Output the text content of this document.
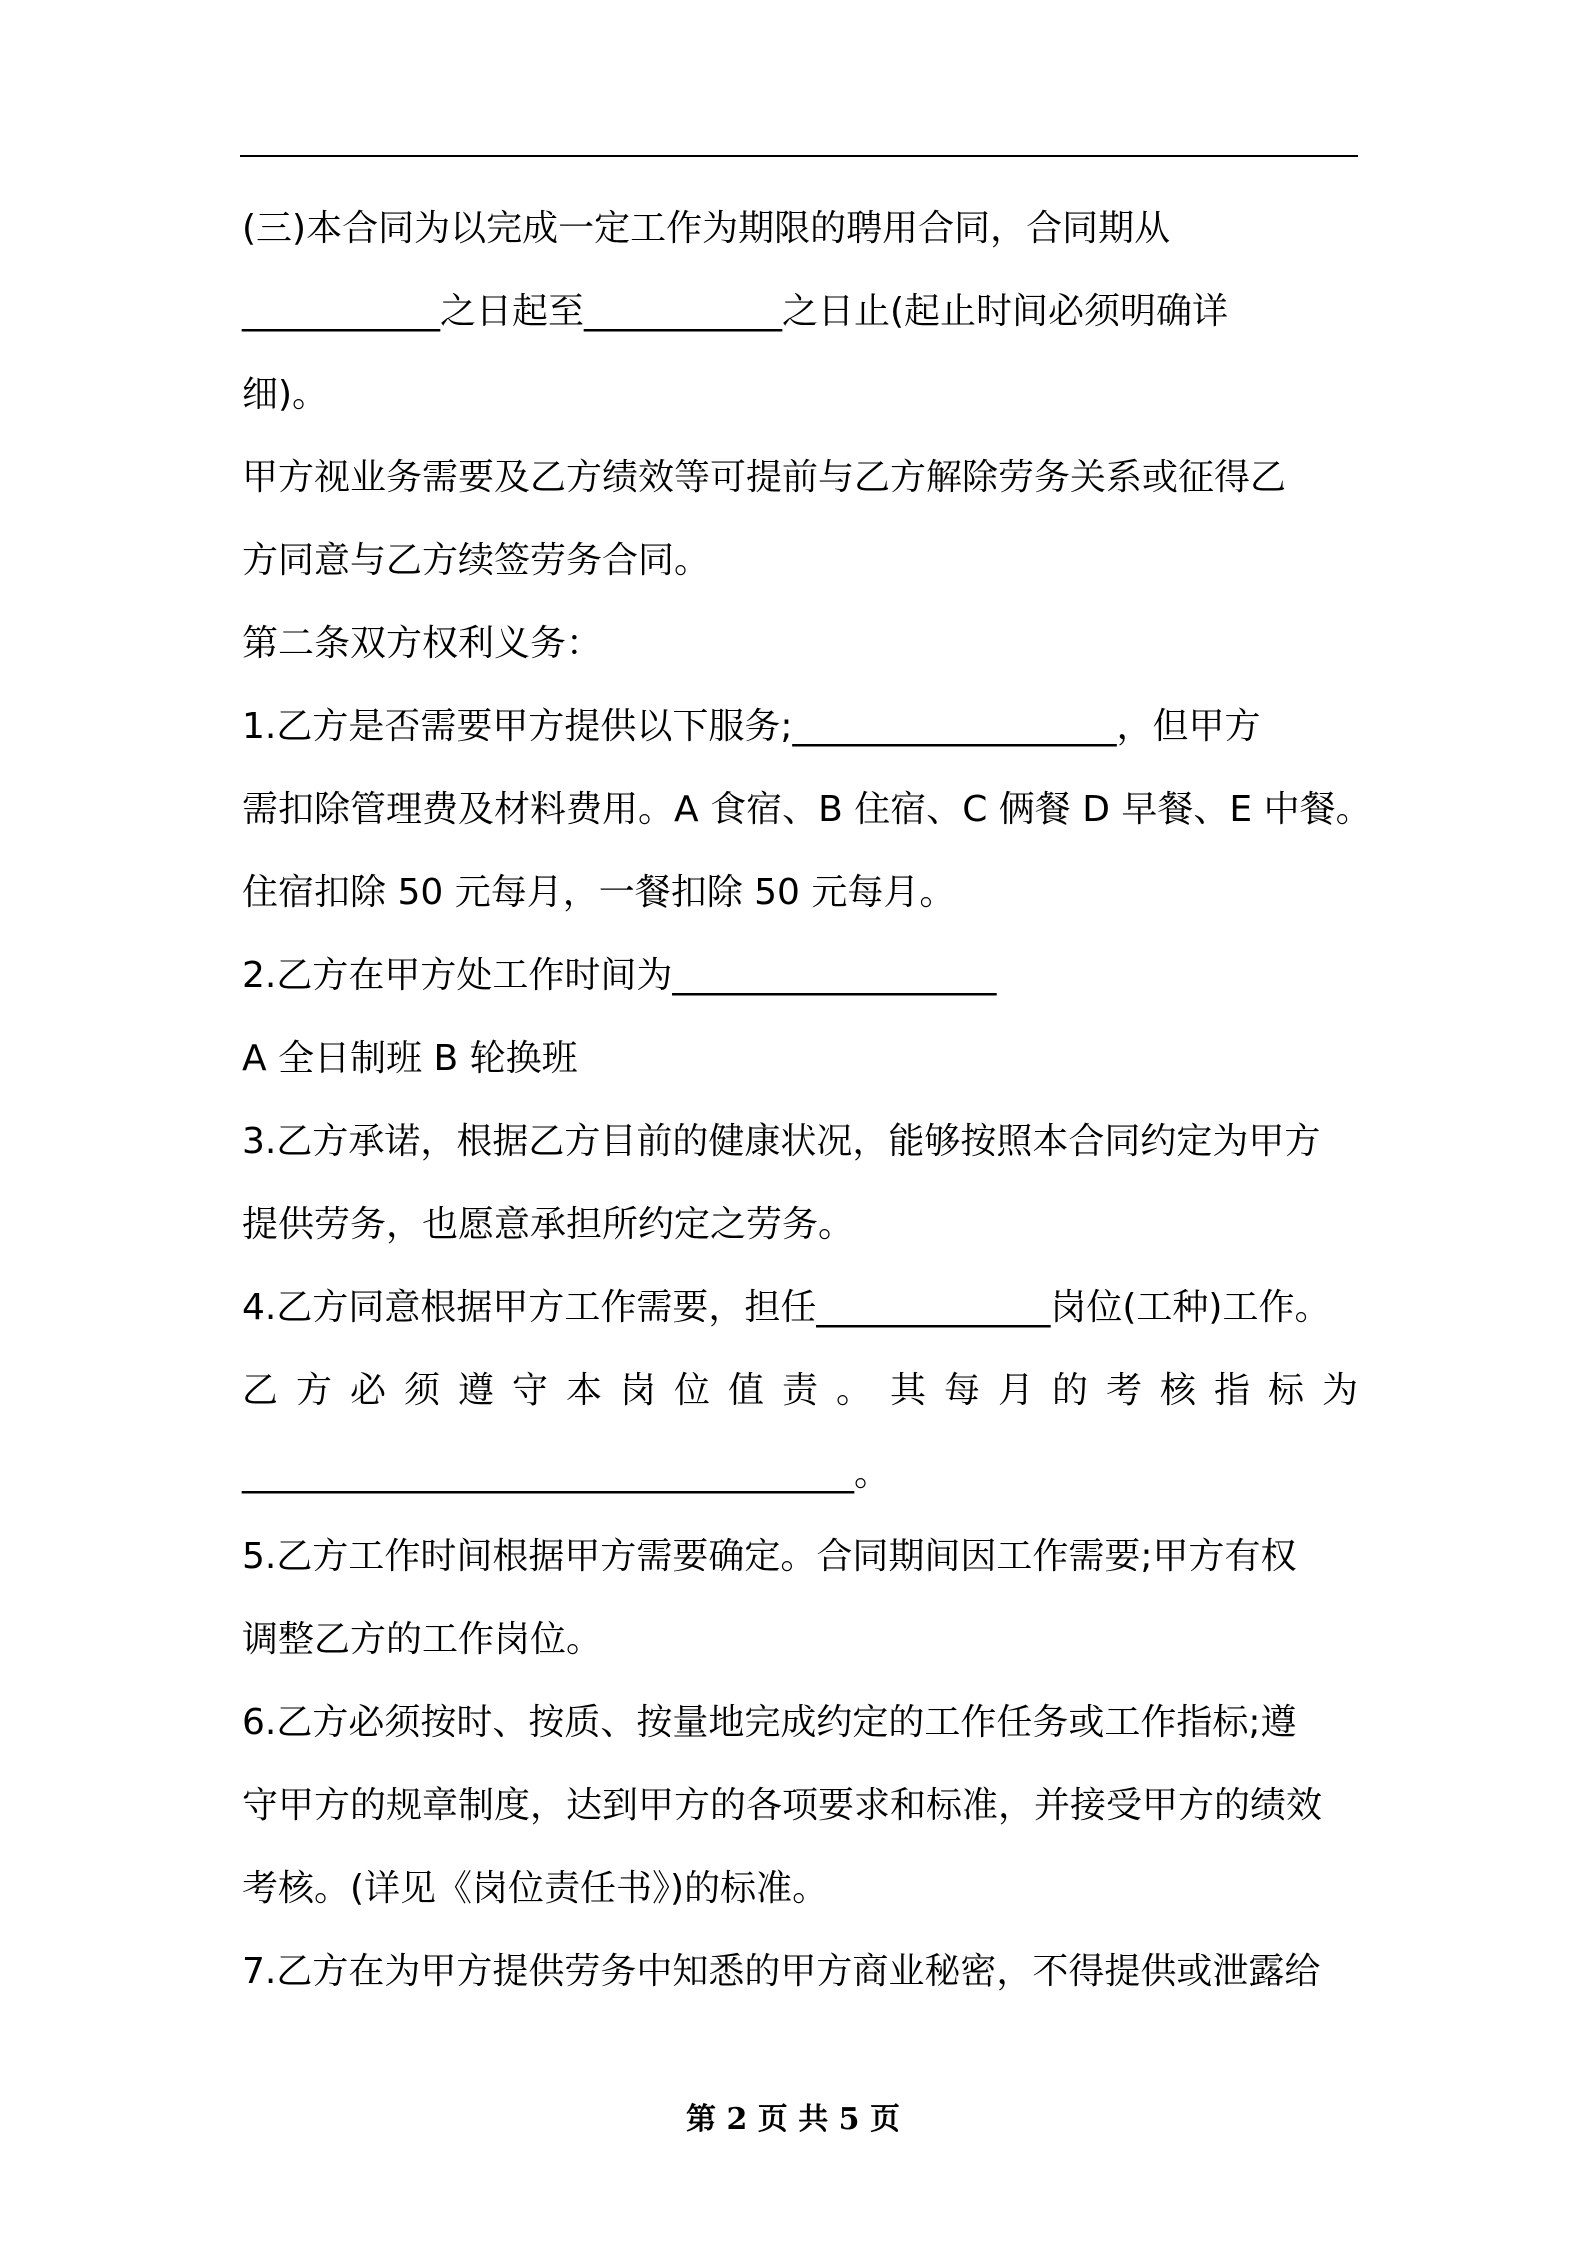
(三)本合同为以完成一定工作为期限的聘用合同，合同期从
___________之日起至___________之日止(起止时间必须明确详
细)。
甲方视业务需要及乙方绩效等可提前与乙方解除劳务关系或征得乙
方同意与乙方续签劳务合同。
第二条双方权利义务：
1.乙方是否需要甲方提供以下服务;__________________，但甲方
需扣除管理费及材料费用。A 食宿、B 住宿、C 俩餐 D 早餐、E 中餐。
住宿扣除 50 元每月，一餐扣除 50 元每月。
2.乙方在甲方处工作时间为__________________
A 全日制班 B 轮换班
3.乙方承诺，根据乙方目前的健康状况，能够按照本合同约定为甲方
提供劳务，也愿意承担所约定之劳务。
4.乙方同意根据甲方工作需要，担任_____________岗位(工种)工作。
乙方必须遵守本岗位值责。其每月的考核指标为
__________________________________。
5.乙方工作时间根据甲方需要确定。合同期间因工作需要;甲方有权
调整乙方的工作岗位。
6.乙方必须按时、按质、按量地完成约定的工作任务或工作指标;遵
守甲方的规章制度，达到甲方的各项要求和标准，并接受甲方的绩效
考核。(详见《岗位责任书》)的标准。
7.乙方在为甲方提供劳务中知悉的甲方商业秘密，不得提供或泄露给
第 2 页 共 5 页
